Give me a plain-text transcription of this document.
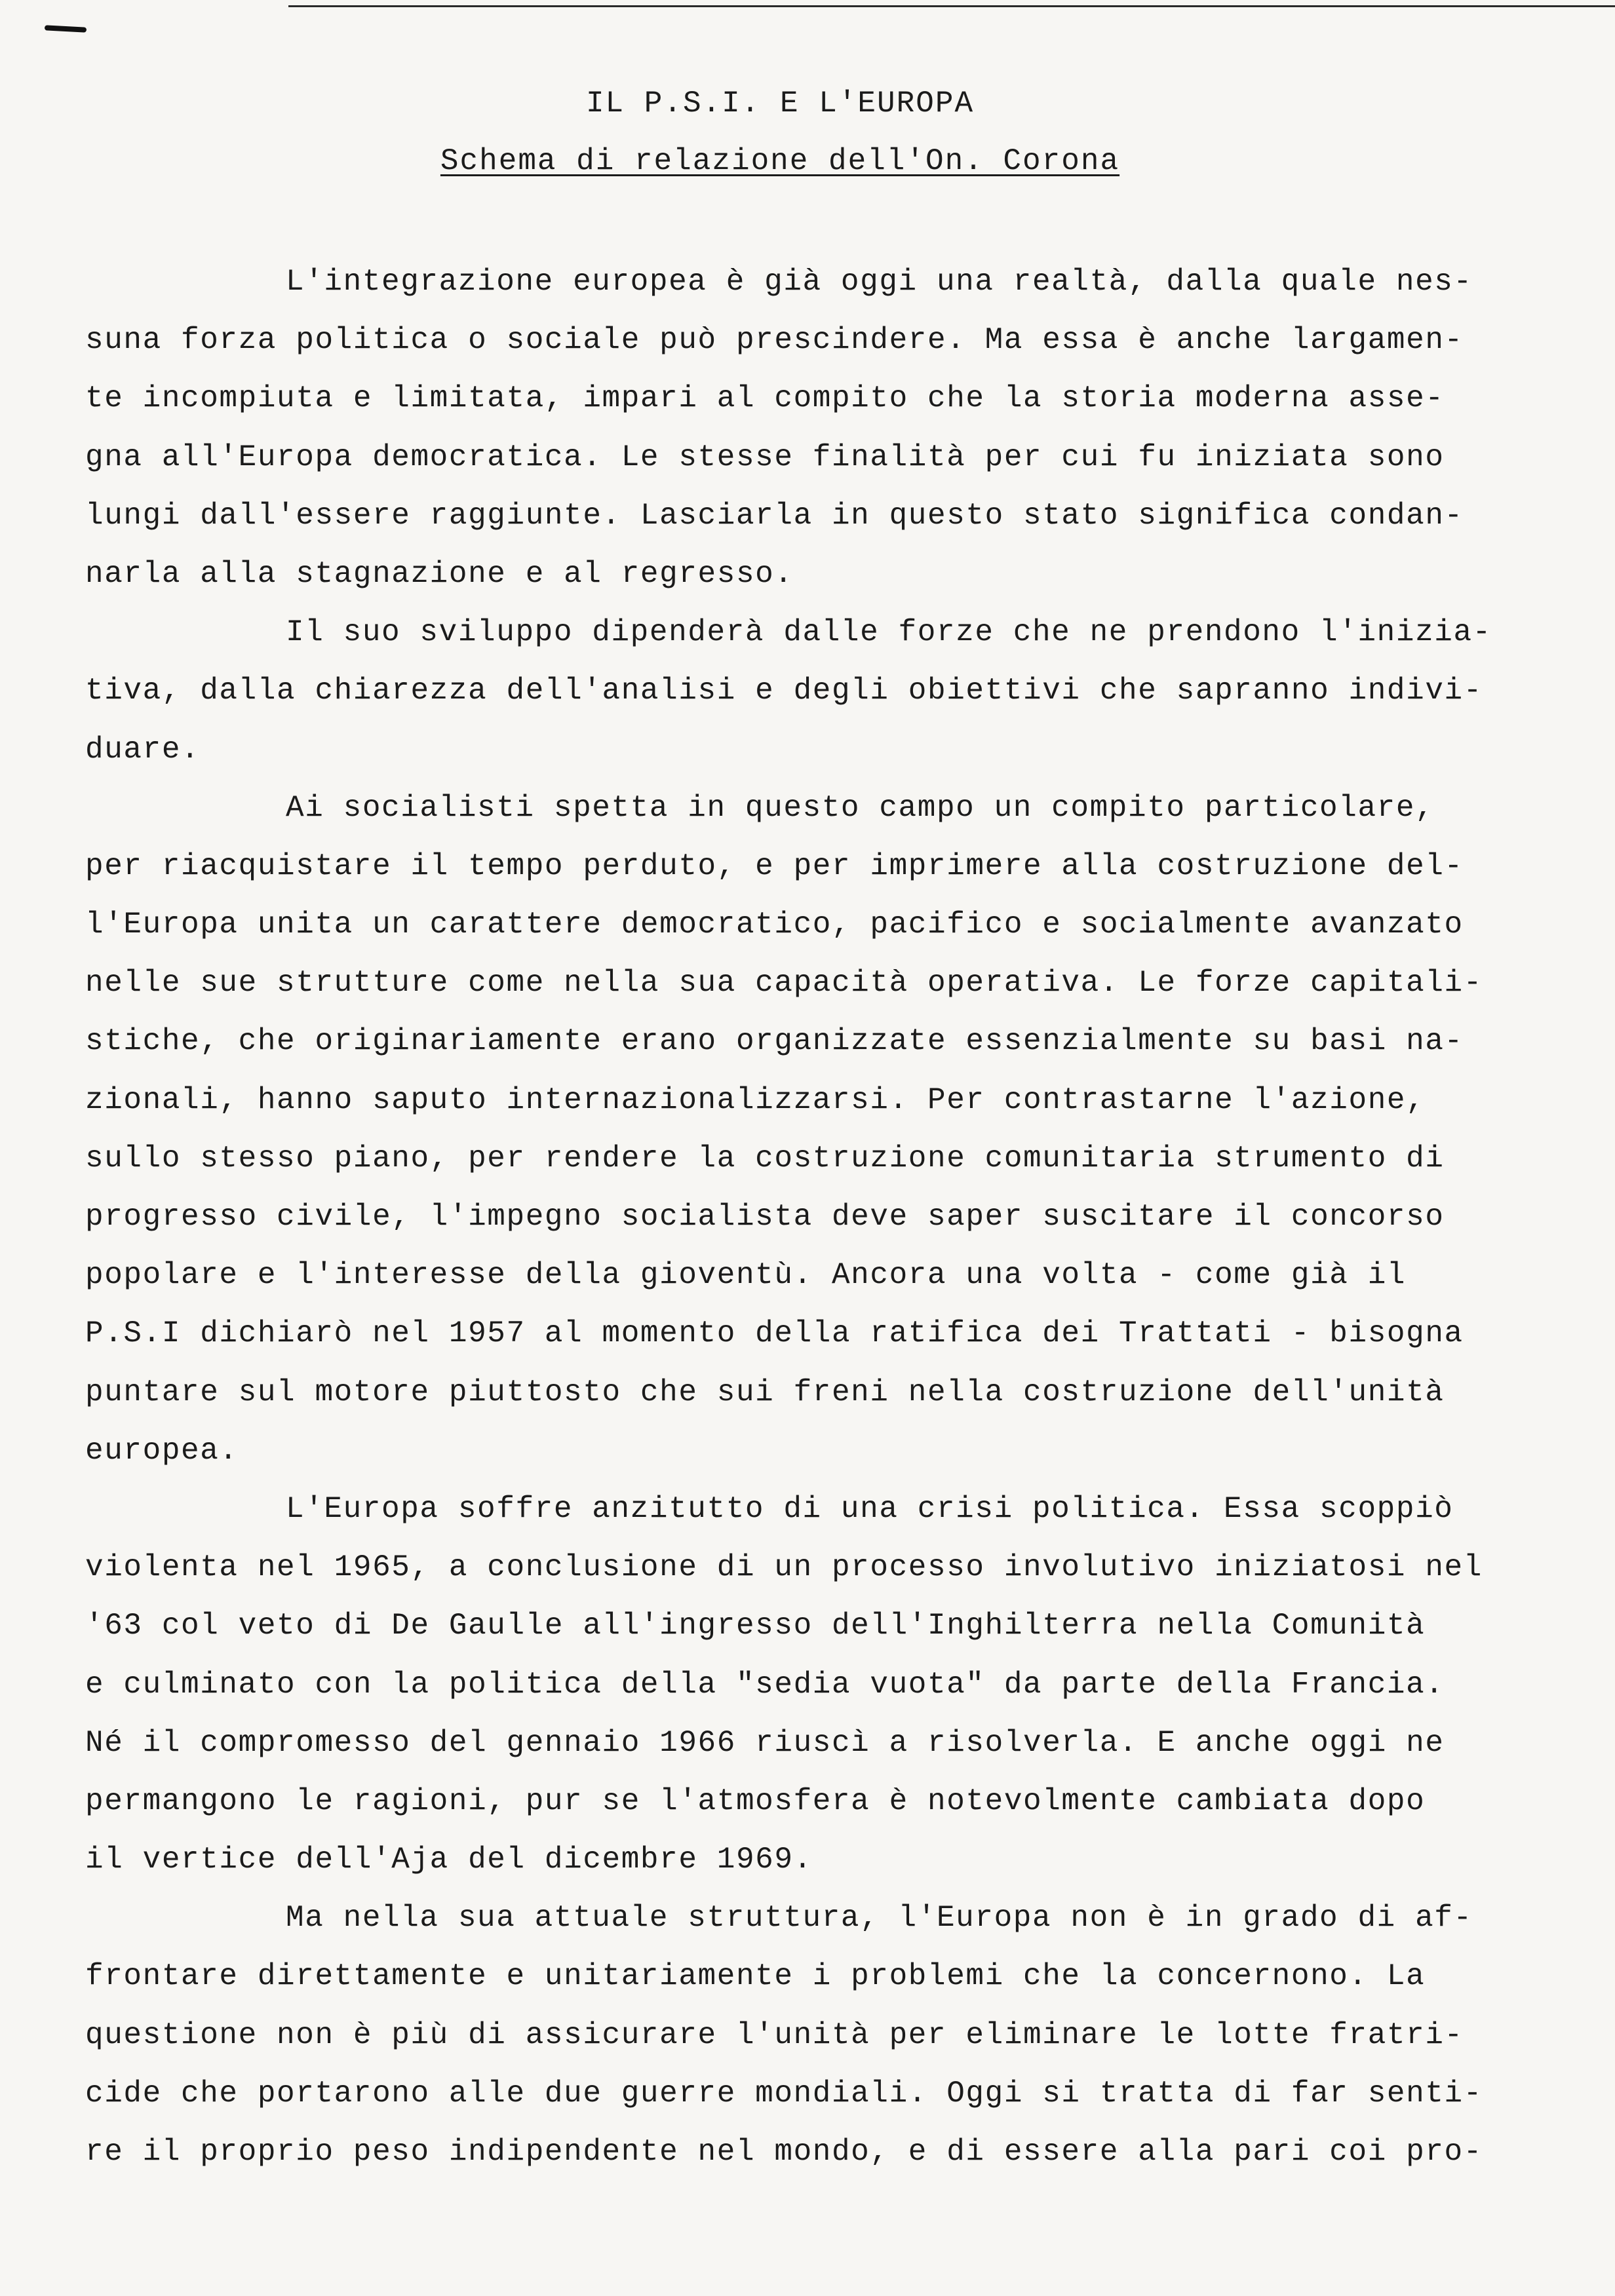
IL P.S.I. E L'EUROPA
Schema di relazione dell'On. Corona
L'integrazione europea è già oggi una realtà, dalla quale nes-
suna forza politica o sociale può prescindere. Ma essa è anche largamen-
te incompiuta e limitata, impari al compito che la storia moderna asse-
gna all'Europa democratica. Le stesse finalità per cui fu iniziata sono
lungi dall'essere raggiunte. Lasciarla in questo stato significa condan-
narla alla stagnazione e al regresso.
Il suo sviluppo dipenderà dalle forze che ne prendono l'inizia-
tiva, dalla chiarezza dell'analisi e degli obiettivi che sapranno indivi-
duare.
Ai socialisti spetta in questo campo un compito particolare,
per riacquistare il tempo perduto, e per imprimere alla costruzione del-
l'Europa unita un carattere democratico, pacifico e socialmente avanzato
nelle sue strutture come nella sua capacità operativa. Le forze capitali-
stiche, che originariamente erano organizzate essenzialmente su basi na-
zionali, hanno saputo internazionalizzarsi. Per contrastarne l'azione,
sullo stesso piano, per rendere la costruzione comunitaria strumento di
progresso civile, l'impegno socialista deve saper suscitare il concorso
popolare e l'interesse della gioventù. Ancora una volta - come già il
P.S.I dichiarò nel 1957 al momento della ratifica dei Trattati - bisogna
puntare sul motore piuttosto che sui freni nella costruzione dell'unità
europea.
L'Europa soffre anzitutto di una crisi politica. Essa scoppiò
violenta nel 1965, a conclusione di un processo involutivo iniziatosi nel
'63 col veto di De Gaulle all'ingresso dell'Inghilterra nella Comunità
e culminato con la politica della "sedia vuota" da parte della Francia.
Né il compromesso del gennaio 1966 riuscì a risolverla. E anche oggi ne
permangono le ragioni, pur se l'atmosfera è notevolmente cambiata dopo
il vertice dell'Aja del dicembre 1969.
Ma nella sua attuale struttura, l'Europa non è in grado di af-
frontare direttamente e unitariamente i problemi che la concernono. La
questione non è più di assicurare l'unità per eliminare le lotte fratri-
cide che portarono alle due guerre mondiali. Oggi si tratta di far senti-
re il proprio peso indipendente nel mondo, e di essere alla pari coi pro-
